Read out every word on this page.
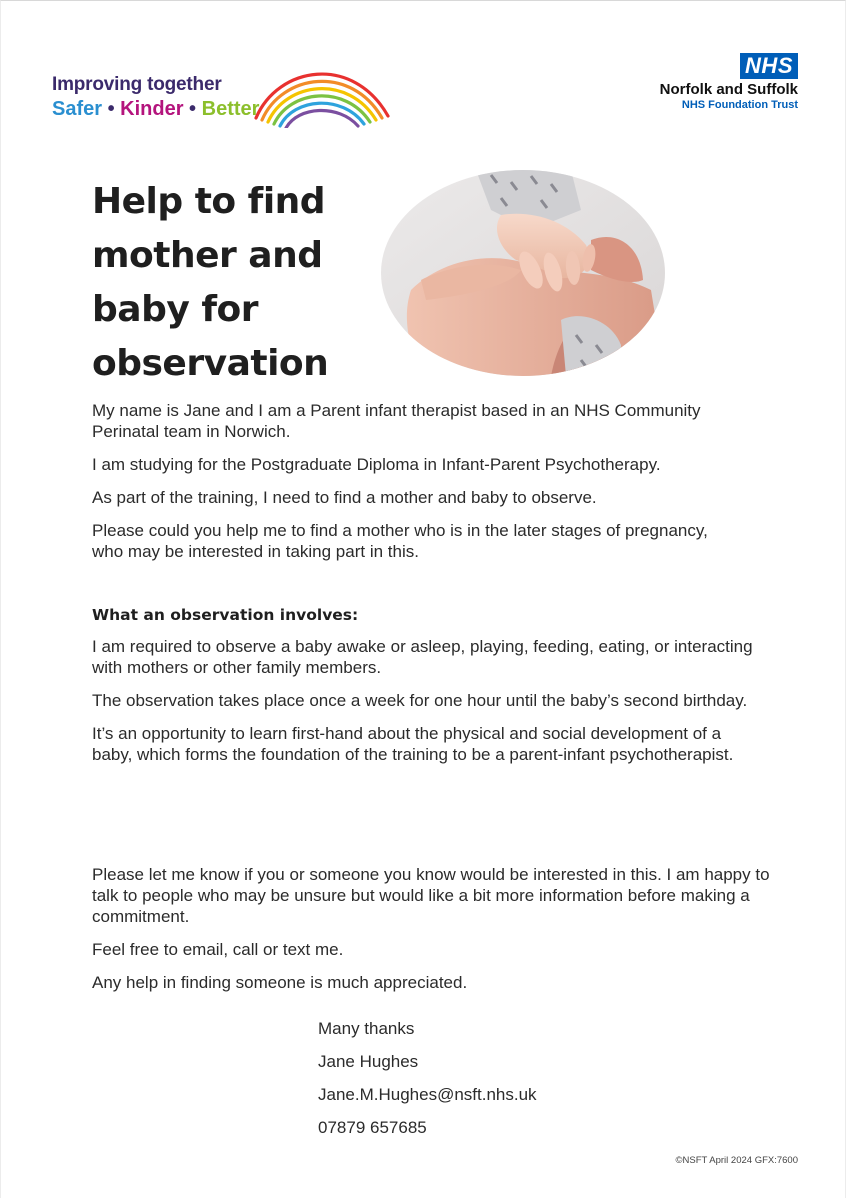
Improving together
Safer • Kinder • Better
NHS
Norfolk and Suffolk
NHS Foundation Trust
Help to find
mother and
baby for
observation

My name is Jane and I am a Parent infant therapist based in an NHS Community Perinatal team in Norwich.

I am studying for the Postgraduate Diploma in Infant-Parent Psychotherapy.

As part of the training, I need to find a mother and baby to observe.

Please could you help me to find a mother who is in the later stages of pregnancy, who may be interested in taking part in this.

What an observation involves:

I am required to observe a baby awake or asleep, playing, feeding, eating, or interacting with mothers or other family members.

The observation takes place once a week for one hour until the baby’s second birthday.

It’s an opportunity to learn first-hand about the physical and social development of a baby, which forms the foundation of the training to be a parent-infant psychotherapist.

Please let me know if you or someone you know would be interested in this. I am happy to talk to people who may be unsure but would like a bit more information before making a commitment.

Feel free to email, call or text me.

Any help in finding someone is much appreciated.

Many thanks
Jane Hughes
Jane.M.Hughes@nsft.nhs.uk
07879 657685
©NSFT April 2024 GFX:7600
